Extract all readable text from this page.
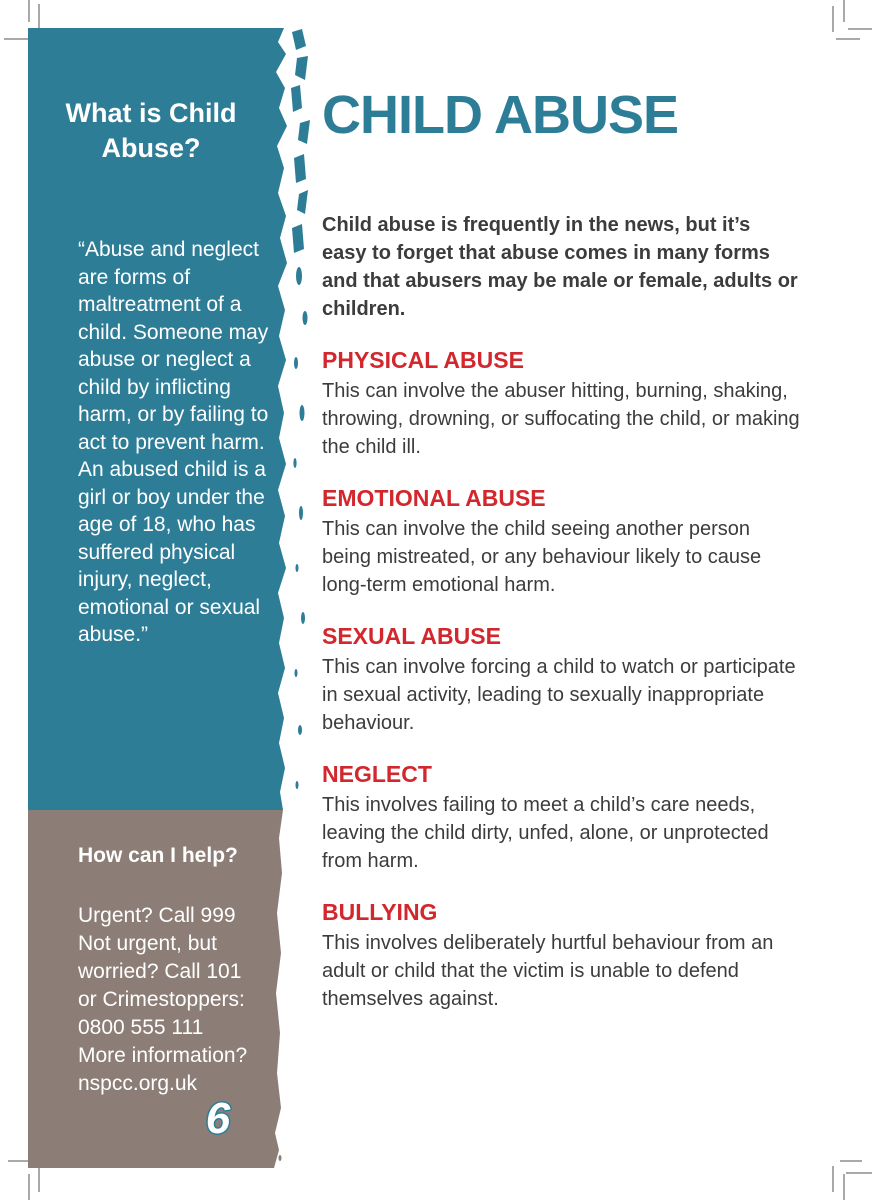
What is Child Abuse?
“Abuse and neglect are forms of maltreatment of a child. Someone may abuse or neglect a child by inflicting harm, or by failing to act to prevent harm. An abused child is a girl or boy under the age of 18, who has suffered physical injury, neglect, emotional or sexual abuse.”
How can I help?
Urgent? Call 999
Not urgent, but
worried? Call 101
or Crimestoppers:
0800 555 111
More information?
nspcc.org.uk
6
CHILD ABUSE
Child abuse is frequently in the news, but it’s easy to forget that abuse comes in many forms and that abusers may be male or female, adults or children.
PHYSICAL ABUSE
This can involve the abuser hitting, burning, shaking, throwing, drowning, or suffocating the child, or making the child ill.
EMOTIONAL ABUSE
This can involve the child seeing another person being mistreated, or any behaviour likely to cause long-term emotional harm.
SEXUAL ABUSE
This can involve forcing a child to watch or participate in sexual activity, leading to sexually inappropriate behaviour.
NEGLECT
This involves failing to meet a child’s care needs, leaving the child dirty, unfed, alone, or unprotected from harm.
BULLYING
This involves deliberately hurtful behaviour from an adult or child that the victim is unable to defend themselves against.
